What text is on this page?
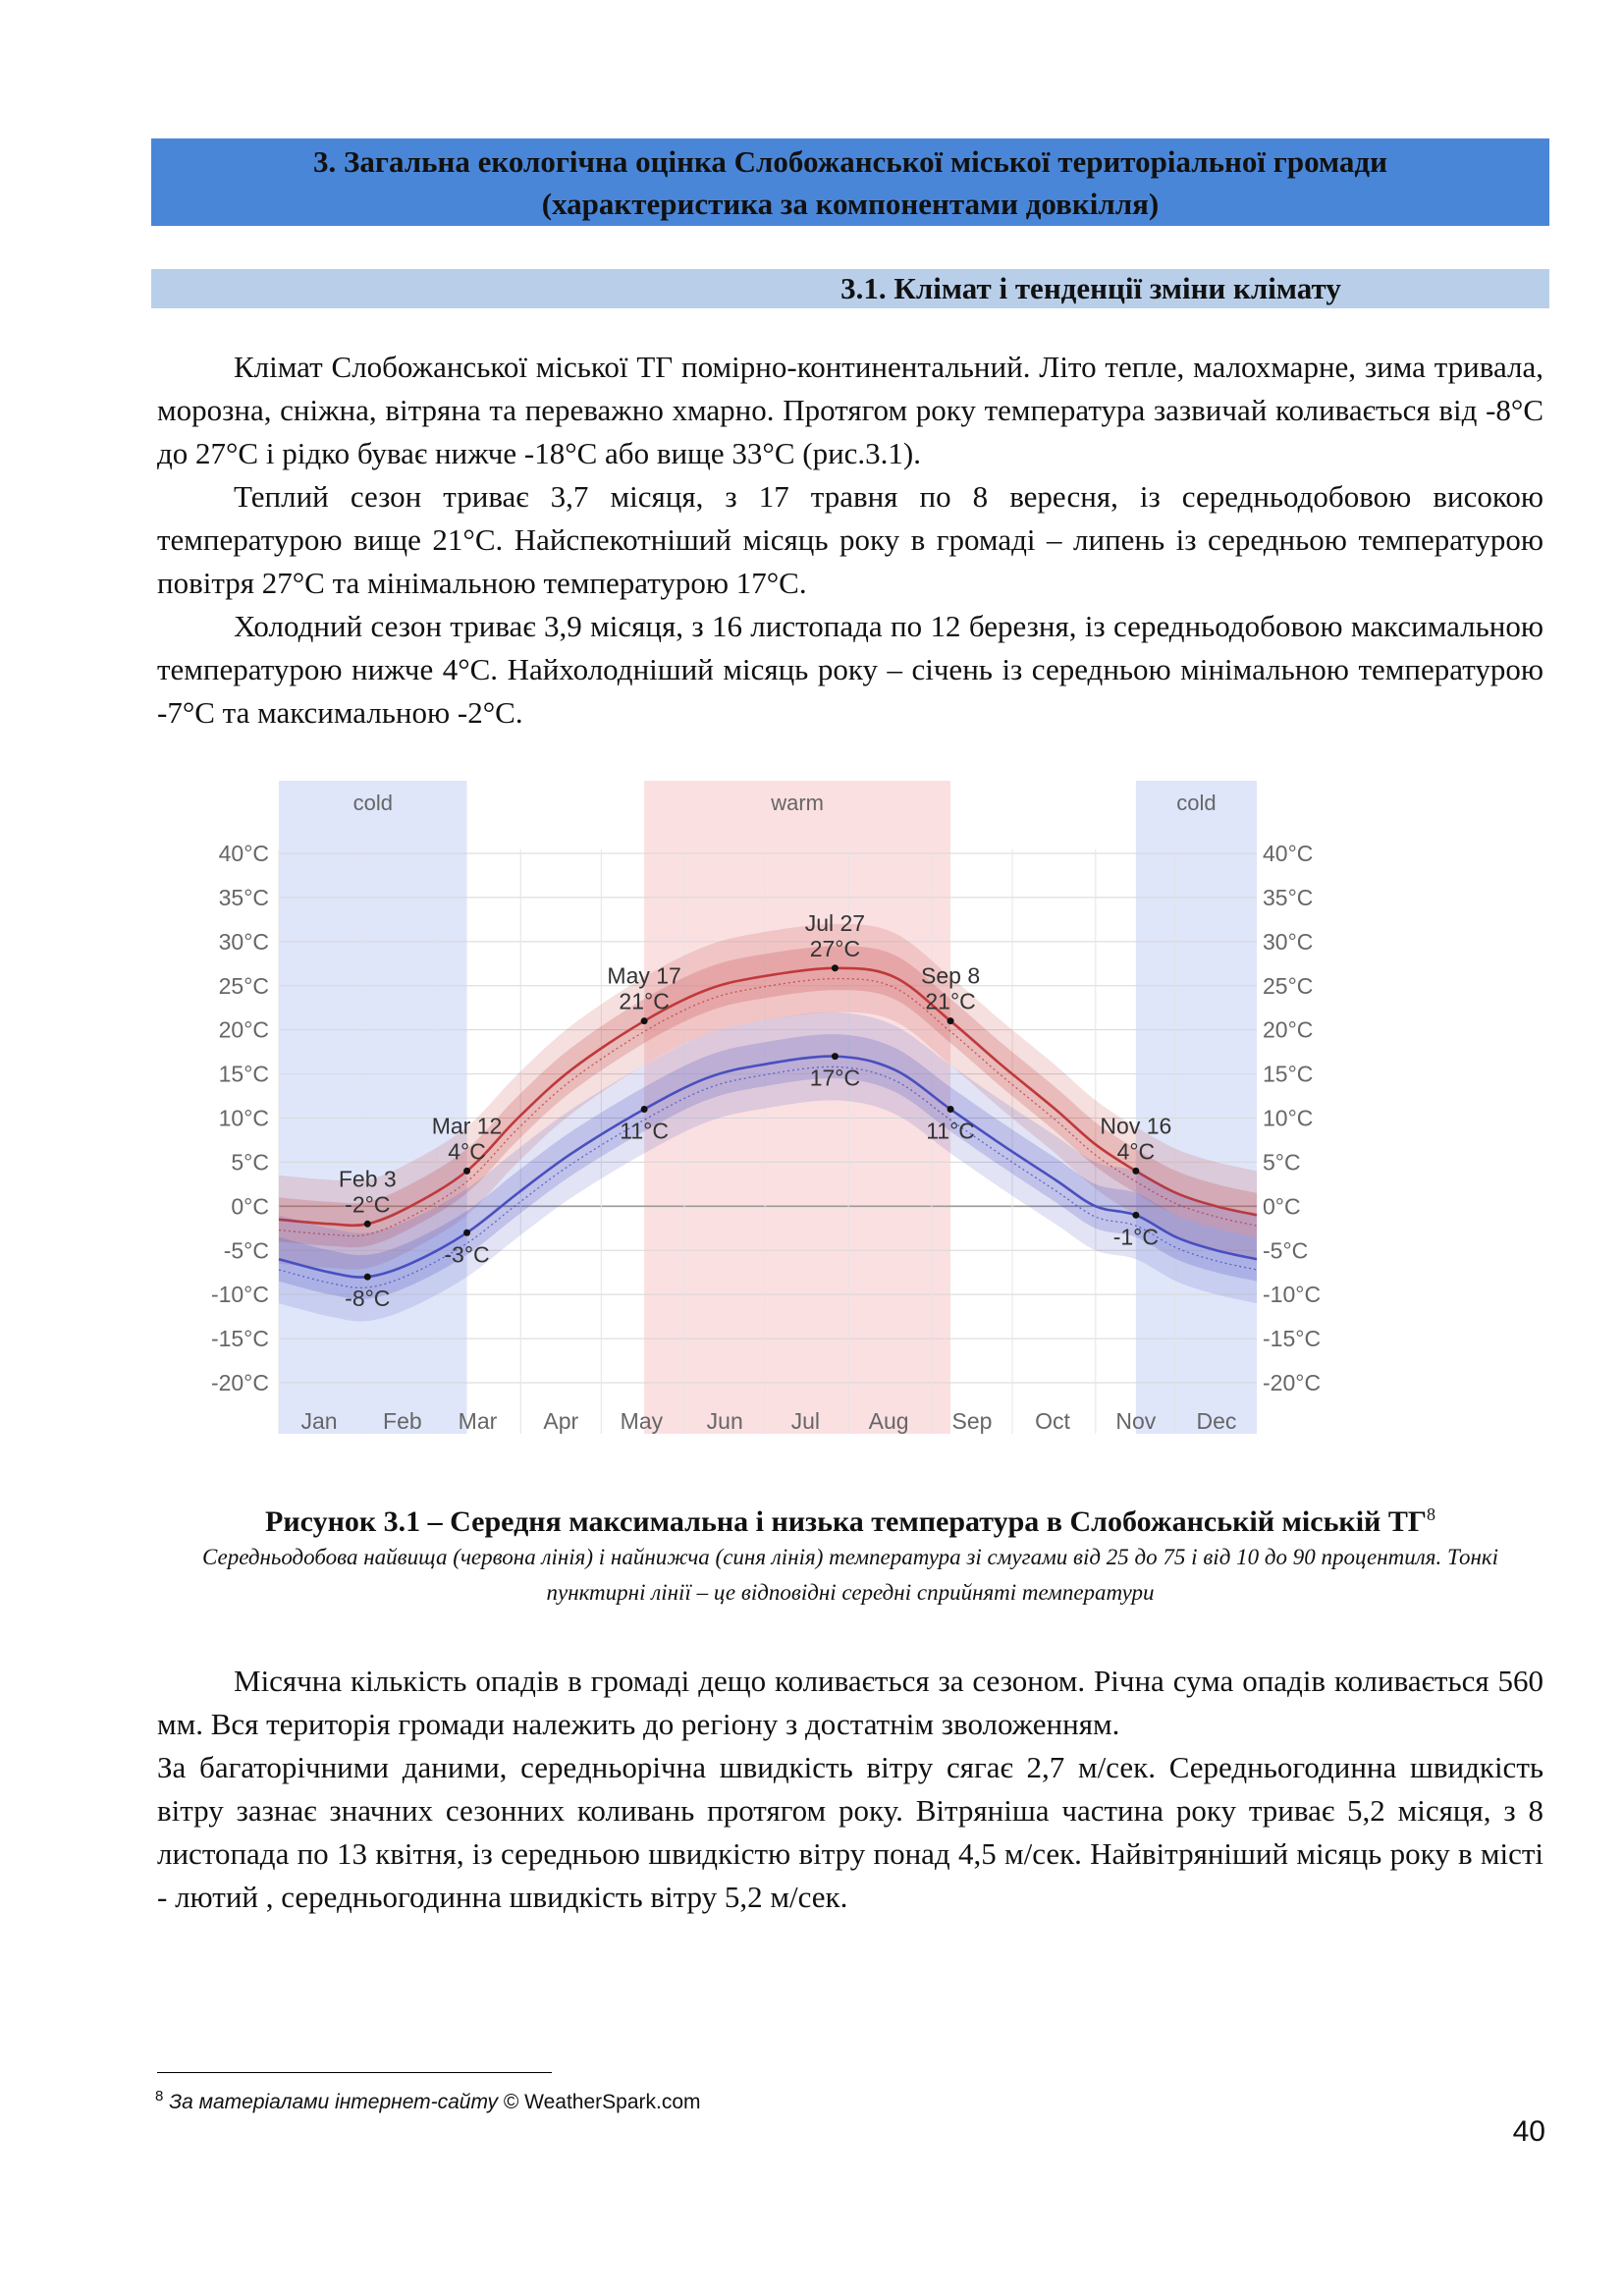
3. Загальна екологічна оцінка Слобожанської міської територіальної громади
(характеристика за компонентами довкілля)
3.1. Клімат і тенденції зміни клімату

Клімат Слобожанської міської ТГ помірно-континентальний. Літо тепле, малохмарне, зима тривала, морозна, сніжна, вітряна та переважно хмарно. Протягом року температура зазвичай коливається від -8°C до 27°C і рідко буває нижче -18°C або вище 33°C (рис.3.1).

Теплий сезон триває 3,7 місяця, з 17 травня по 8 вересня, із середньодобовою високою температурою вище 21°C. Найспекотніший місяць року в громаді – липень із середньою температурою повітря 27°C та мінімальною температурою 17°C.

Холодний сезон триває 3,9 місяця, з 16 листопада по 12 березня, із середньодобовою максимальною температурою нижче 4°C. Найхолодніший місяць року – січень із середньою мінімальною температурою -7°C та максимальною -2°C.

cold	warm	cold
40°C	40°C
35°C	35°C
30°C	30°C
25°C	25°C
20°C	20°C
15°C	15°C
10°C	10°C
5°C	5°C
0°C	0°C
-5°C	-5°C
-10°C	-10°C
-15°C	-15°C
-20°C	-20°C
Jan Feb Mar Apr May Jun Jul Aug Sep Oct Nov Dec
Feb 3
-2°C
-8°C
Mar 12
4°C
-3°C
May 17
21°C
11°C
Jul 27
27°C
17°C
Sep 8
21°C
11°C	Nov 16
4°C
-1°C
Рисунок 3.1 – Середня максимальна і низька температура в Слобожанській міській $ТГ^8$
Середньодобова найвища (червона лінія) і найнижча (синя лінія) температура зі смугами від 25 до 75 і від 10 до 90 процентиля. Тонкі пунктирні лінії – це відповідні середні сприйняті температури

Місячна кількість опадів в громаді дещо коливається за сезоном. Річна сума опадів коливається 560 мм. Вся територія громади належить до регіону з достатнім зволоженням.

За багаторічними даними, середньорічна швидкість вітру сягає 2,7 м/сек. Середньогодинна швидкість вітру зазнає значних сезонних коливань протягом року. Вітряніша частина року триває 5,2 місяця, з 8 листопада по 13 квітня, із середньою швидкістю вітру понад 4,5 м/сек. Найвітряніший місяць року в місті - лютий , середньогодинна швидкість вітру 5,2 м/сек.

$^8$ За матеріалами інтернет-сайту © WeatherSpark.com
40
